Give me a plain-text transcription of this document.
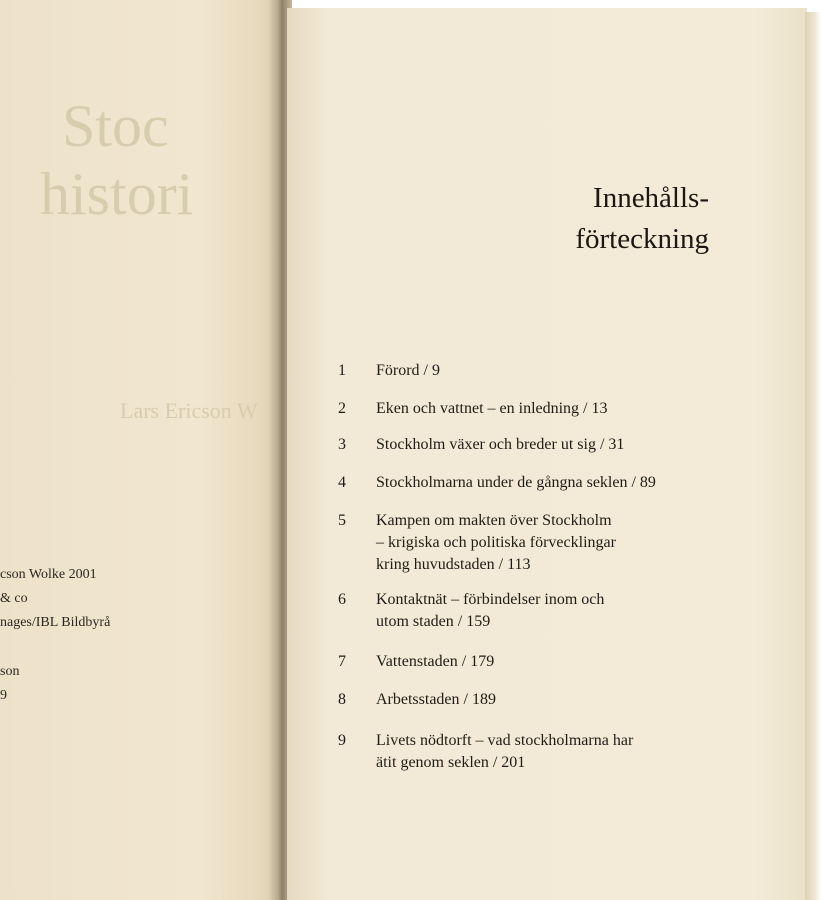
Stoc
histori
Lars Ericson W
cson Wolke 2001
& co
nages/IBL Bildbyrå
son
9
Innehålls-
förteckning
1	Förord / 9
2	Eken och vattnet – en inledning / 13
3	Stockholm växer och breder ut sig / 31
4	Stockholmarna under de gångna seklen / 89
5	Kampen om makten över Stockholm
– krigiska och politiska förvecklingar
kring huvudstaden / 113
6	Kontaktnät – förbindelser inom och
utom staden / 159
7	Vattenstaden / 179
8	Arbetsstaden / 189
9	Livets nödtorft – vad stockholmarna har
ätit genom seklen / 201
